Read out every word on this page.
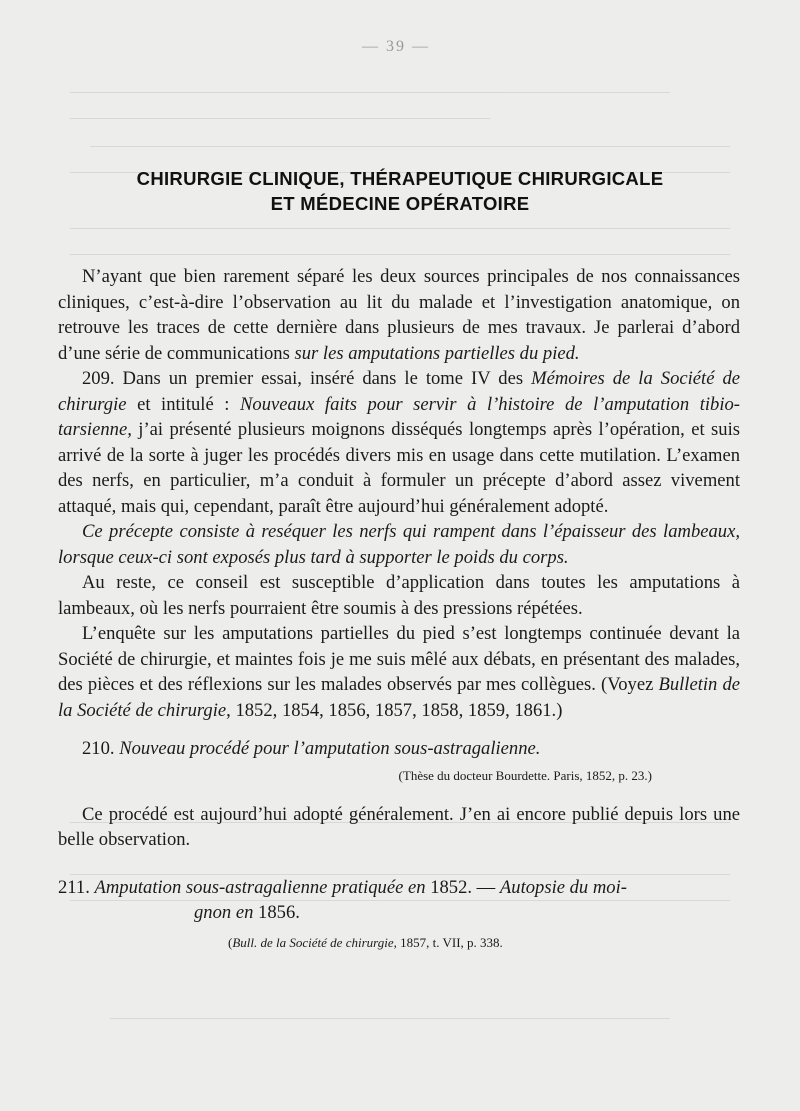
— 39 —
CHIRURGIE CLINIQUE, THÉRAPEUTIQUE CHIRURGICALE
ET MÉDECINE OPÉRATOIRE

N’ayant que bien rarement séparé les deux sources principales de nos connaissances cliniques, c’est-à-dire l’observation au lit du malade et l’investigation anatomique, on retrouve les traces de cette dernière dans plusieurs de mes travaux. Je parlerai d’abord d’une série de communications sur les amputations partielles du pied.

209. Dans un premier essai, inséré dans le tome IV des Mémoires de la Société de chirurgie et intitulé : Nouveaux faits pour servir à l’histoire de l’amputation tibio-tarsienne, j’ai présenté plusieurs moignons disséqués longtemps après l’opération, et suis arrivé de la sorte à juger les procédés divers mis en usage dans cette mutilation. L’examen des nerfs, en particulier, m’a conduit à formuler un précepte d’abord assez vivement attaqué, mais qui, cependant, paraît être aujourd’hui généralement adopté.

Ce précepte consiste à reséquer les nerfs qui rampent dans l’épaisseur des lambeaux, lorsque ceux-ci sont exposés plus tard à supporter le poids du corps.

Au reste, ce conseil est susceptible d’application dans toutes les amputations à lambeaux, où les nerfs pourraient être soumis à des pressions répétées.

L’enquête sur les amputations partielles du pied s’est longtemps continuée devant la Société de chirurgie, et maintes fois je me suis mêlé aux débats, en présentant des malades, des pièces et des réflexions sur les malades observés par mes collègues. (Voyez Bulletin de la Société de chirurgie, 1852, 1854, 1856, 1857, 1858, 1859, 1861.)

210. Nouveau procédé pour l’amputation sous-astragalienne.

(Thèse du docteur Bourdette. Paris, 1852, p. 23.)

Ce procédé est aujourd’hui adopté généralement. J’en ai encore publié depuis lors une belle observation.

211. Amputation sous-astragalienne pratiquée en 1852. — Autopsie du moi-
gnon en 1856.

(Bull. de la Société de chirurgie, 1857, t. VII, p. 338.
